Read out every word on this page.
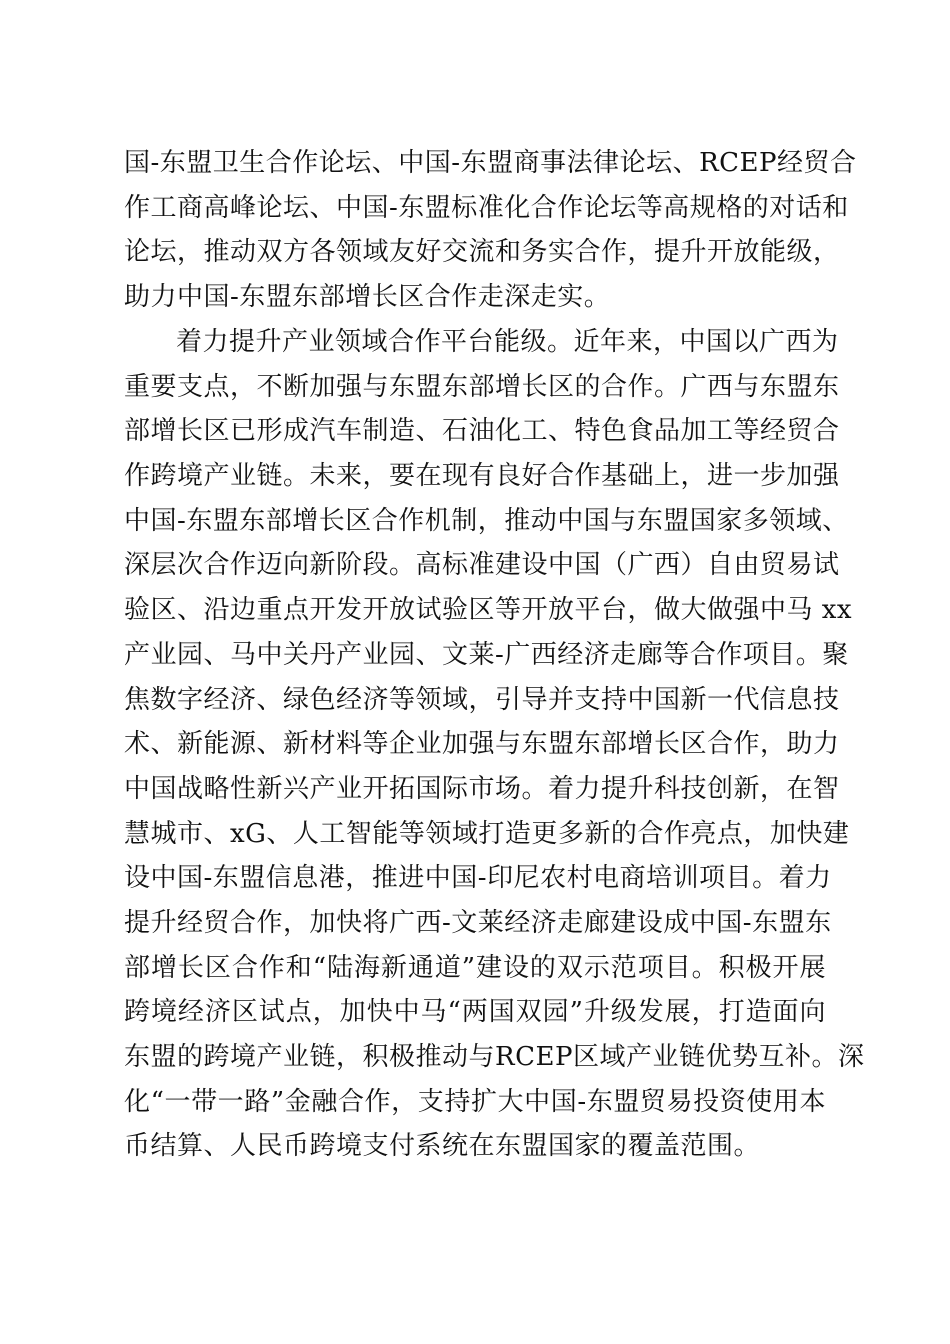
国-东盟卫生合作论坛、中国-东盟商事法律论坛、RCEP经贸合
作工商高峰论坛、中国-东盟标准化合作论坛等高规格的对话和
论坛，推动双方各领域友好交流和务实合作，提升开放能级，
助力中国-东盟东部增长区合作走深走实。
着力提升产业领域合作平台能级。近年来，中国以广西为
重要支点，不断加强与东盟东部增长区的合作。广西与东盟东
部增长区已形成汽车制造、石油化工、特色食品加工等经贸合
作跨境产业链。未来，要在现有良好合作基础上，进一步加强
中国-东盟东部增长区合作机制，推动中国与东盟国家多领域、
深层次合作迈向新阶段。高标准建设中国（广西）自由贸易试
验区、沿边重点开发开放试验区等开放平台，做大做强中马 xx
产业园、马中关丹产业园、文莱-广西经济走廊等合作项目。聚
焦数字经济、绿色经济等领域，引导并支持中国新一代信息技
术、新能源、新材料等企业加强与东盟东部增长区合作，助力
中国战略性新兴产业开拓国际市场。着力提升科技创新，在智
慧城市、xG、人工智能等领域打造更多新的合作亮点，加快建
设中国-东盟信息港，推进中国-印尼农村电商培训项目。着力
提升经贸合作，加快将广西-文莱经济走廊建设成中国-东盟东
部增长区合作和“陆海新通道”建设的双示范项目。积极开展
跨境经济区试点，加快中马“两国双园”升级发展，打造面向
东盟的跨境产业链，积极推动与RCEP区域产业链优势互补。深
化“一带一路”金融合作，支持扩大中国-东盟贸易投资使用本
币结算、人民币跨境支付系统在东盟国家的覆盖范围。
